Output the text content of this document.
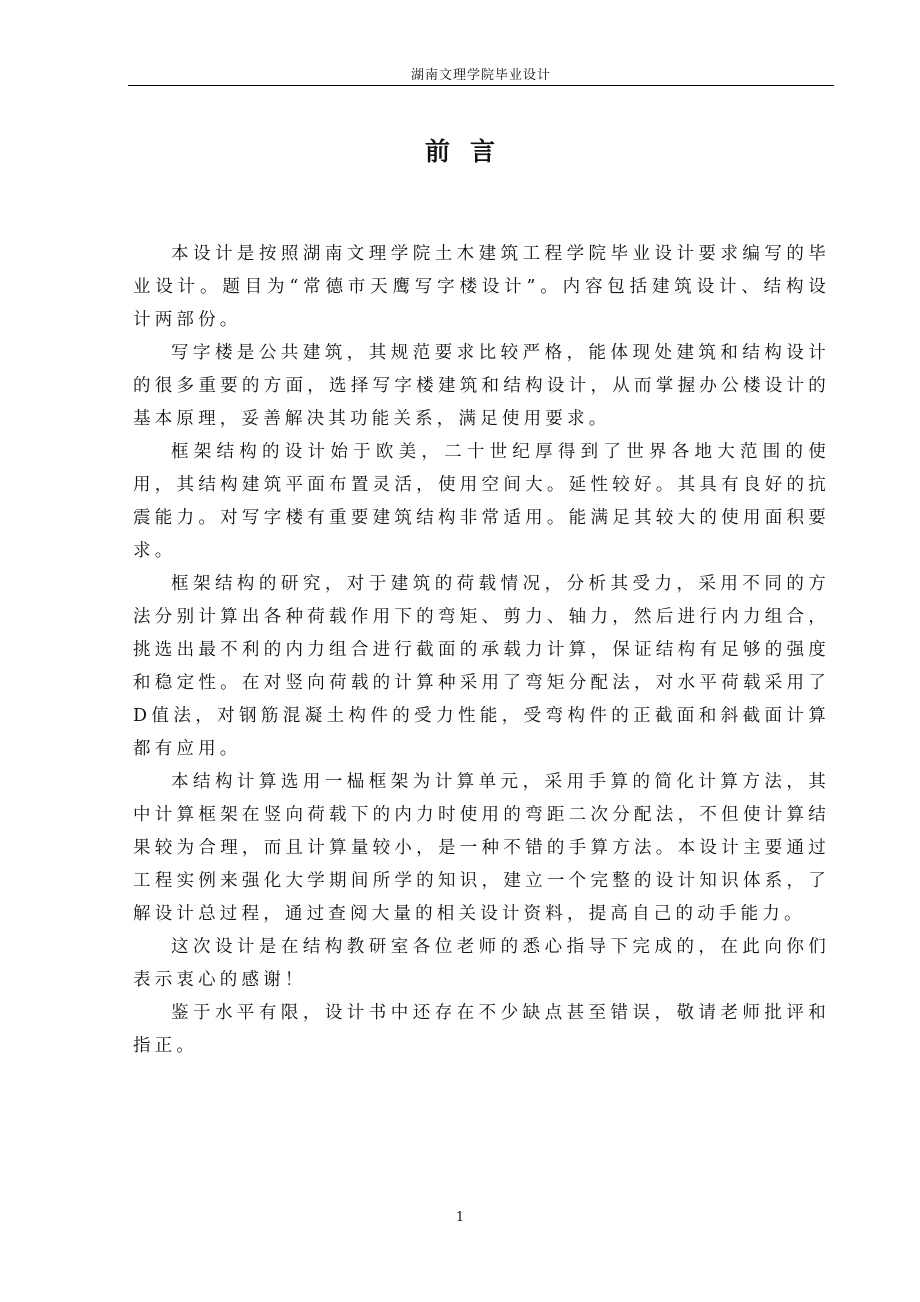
湖南文理学院毕业设计
前言

本设计是按照湖南文理学院土木建筑工程学院毕业设计要求编写的毕业设计。题目为“常德市天鹰写字楼设计”。内容包括建筑设计、结构设计两部份。

写字楼是公共建筑，其规范要求比较严格，能体现处建筑和结构设计的很多重要的方面，选择写字楼建筑和结构设计，从而掌握办公楼设计的基本原理，妥善解决其功能关系，满足使用要求。

框架结构的设计始于欧美，二十世纪厚得到了世界各地大范围的使用，其结构建筑平面布置灵活，使用空间大。延性较好。其具有良好的抗震能力。对写字楼有重要建筑结构非常适用。能满足其较大的使用面积要求。

框架结构的研究，对于建筑的荷载情况，分析其受力，采用不同的方法分别计算出各种荷载作用下的弯矩、剪力、轴力，然后进行内力组合，挑选出最不利的内力组合进行截面的承载力计算，保证结构有足够的强度和稳定性。在对竖向荷载的计算种采用了弯矩分配法，对水平荷载采用了D值法，对钢筋混凝土构件的受力性能，受弯构件的正截面和斜截面计算都有应用。

本结构计算选用一榀框架为计算单元，采用手算的简化计算方法，其中计算框架在竖向荷载下的内力时使用的弯距二次分配法，不但使计算结果较为合理，而且计算量较小，是一种不错的手算方法。本设计主要通过工程实例来强化大学期间所学的知识，建立一个完整的设计知识体系，了解设计总过程，通过查阅大量的相关设计资料，提高自己的动手能力。

这次设计是在结构教研室各位老师的悉心指导下完成的，在此向你们表示衷心的感谢！

鉴于水平有限，设计书中还存在不少缺点甚至错误，敬请老师批评和指正。

1
